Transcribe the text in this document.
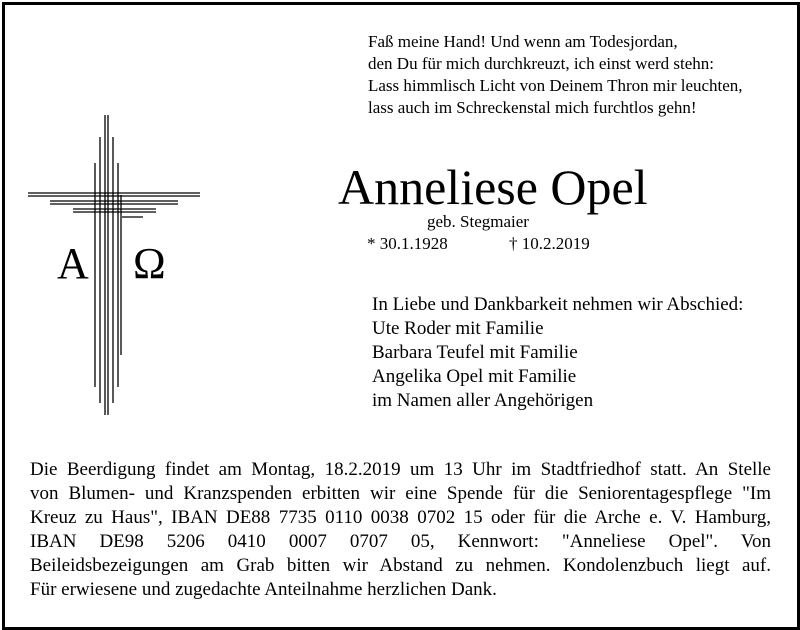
Faß meine Hand! Und wenn am Todesjordan,
den Du für mich durchkreuzt, ich einst werd stehn:
Lass himmlisch Licht von Deinem Thron mir leuchten,
lass auch im Schreckenstal mich furchtlos gehn!
A Ω
Anneliese Opel
geb. Stegmaier
* 30.1.1928	† 10.2.2019
In Liebe und Dankbarkeit nehmen wir Abschied:
Ute Roder mit Familie
Barbara Teufel mit Familie
Angelika Opel mit Familie
im Namen aller Angehörigen
Die Beerdigung findet am Montag, 18.2.2019 um 13 Uhr im Stadtfriedhof statt. An Stelle
von Blumen- und Kranzspenden erbitten wir eine Spende für die Seniorentagespflege "Im
Kreuz zu Haus", IBAN DE88 7735 0110 0038 0702 15 oder für die Arche e. V. Hamburg,
IBAN DE98 5206 0410 0007 0707 05, Kennwort: "Anneliese Opel". Von
Beileidsbezeigungen am Grab bitten wir Abstand zu nehmen. Kondolenzbuch liegt auf.
Für erwiesene und zugedachte Anteilnahme herzlichen Dank.
